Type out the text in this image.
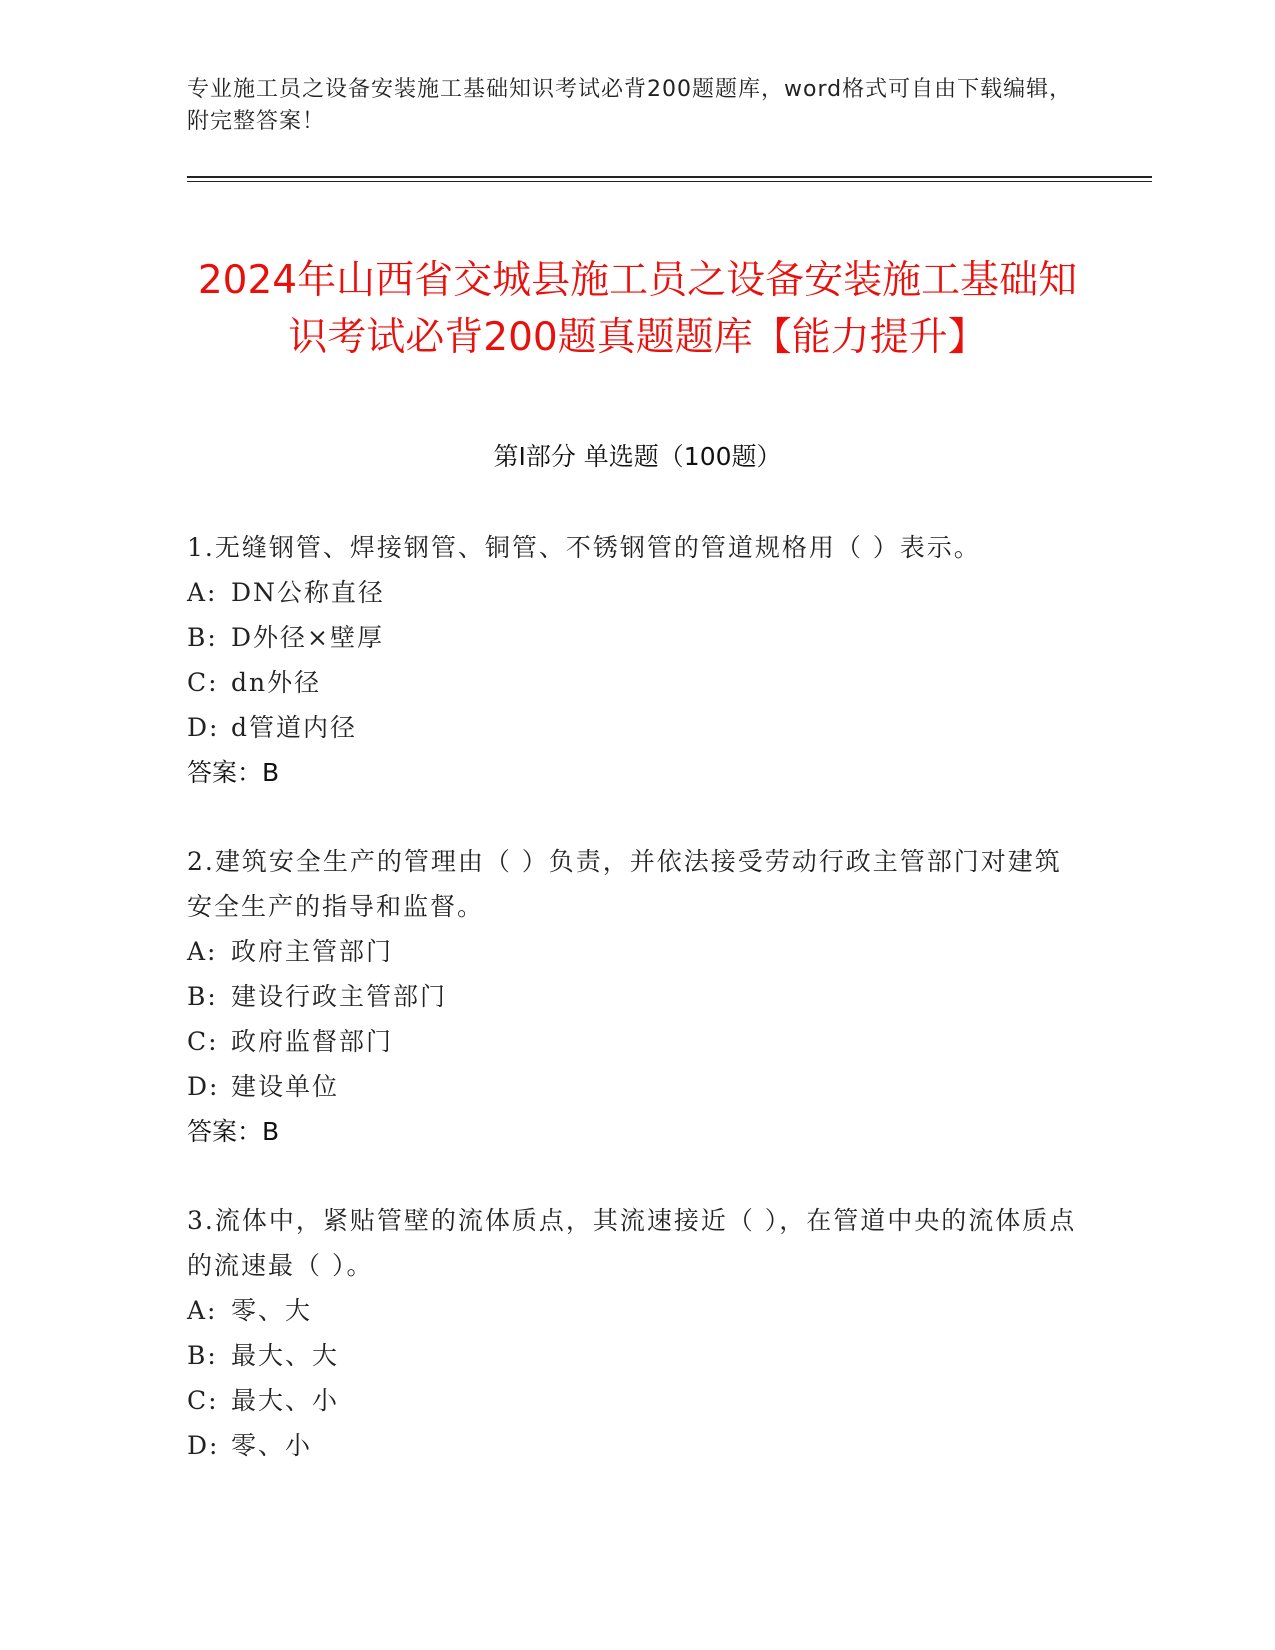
专业施工员之设备安装施工基础知识考试必背200题题库，word格式可自由下载编辑，附完整答案！
2024年山西省交城县施工员之设备安装施工基础知识考试必背200题真题题库【能力提升】
第I部分 单选题（100题）
1.无缝钢管、焊接钢管、铜管、不锈钢管的管道规格用（ ）表示。
A: DN公称直径
B: D外径×壁厚
C: dn外径
D: d管道内径
答案：B
2.建筑安全生产的管理由（ ）负责，并依法接受劳动行政主管部门对建筑安全生产的指导和监督。
A: 政府主管部门
B: 建设行政主管部门
C: 政府监督部门
D: 建设单位
答案：B
3.流体中，紧贴管壁的流体质点，其流速接近（ ），在管道中央的流体质点的流速最（ ）。
A: 零、大
B: 最大、大
C: 最大、小
D: 零、小
